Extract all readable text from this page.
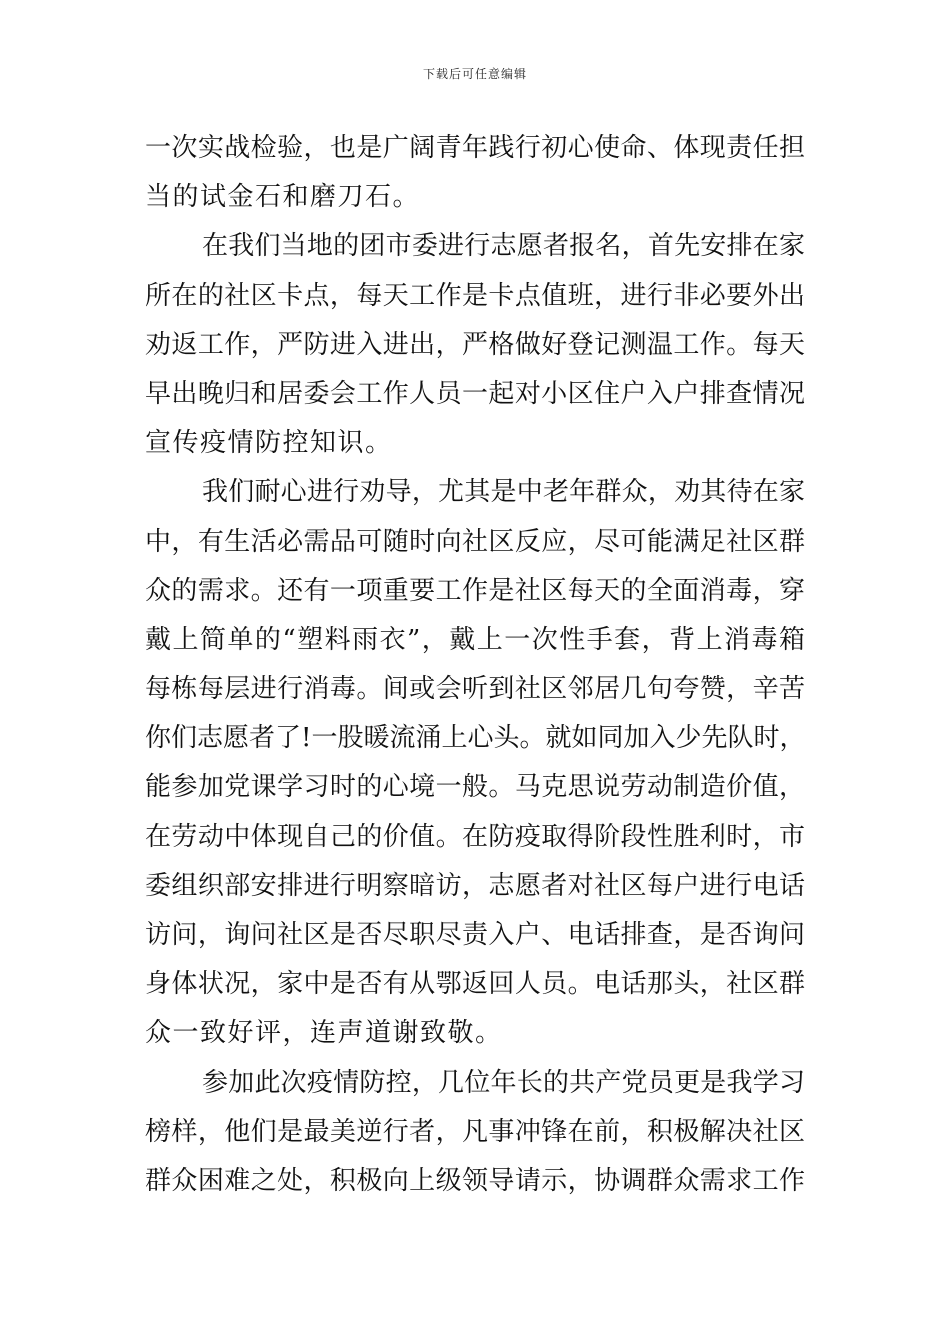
下载后可任意编辑
一次实战检验，也是广阔青年践行初心使命、体现责任担
当的试金石和磨刀石。
在我们当地的团市委进行志愿者报名，首先安排在家
所在的社区卡点，每天工作是卡点值班，进行非必要外出
劝返工作，严防进入进出，严格做好登记测温工作。每天
早出晚归和居委会工作人员一起对小区住户入户排查情况
宣传疫情防控知识。
我们耐心进行劝导，尤其是中老年群众，劝其待在家
中，有生活必需品可随时向社区反应，尽可能满足社区群
众的需求。还有一项重要工作是社区每天的全面消毒，穿
戴上简单的“塑料雨衣”，戴上一次性手套，背上消毒箱
每栋每层进行消毒。间或会听到社区邻居几句夸赞，辛苦
你们志愿者了!一股暖流涌上心头。就如同加入少先队时，
能参加党课学习时的心境一般。马克思说劳动制造价值，
在劳动中体现自己的价值。在防疫取得阶段性胜利时，市
委组织部安排进行明察暗访，志愿者对社区每户进行电话
访问，询问社区是否尽职尽责入户、电话排查，是否询问
身体状况，家中是否有从鄂返回人员。电话那头，社区群
众一致好评，连声道谢致敬。
参加此次疫情防控，几位年长的共产党员更是我学习
榜样，他们是最美逆行者，凡事冲锋在前，积极解决社区
群众困难之处，积极向上级领导请示，协调群众需求工作
